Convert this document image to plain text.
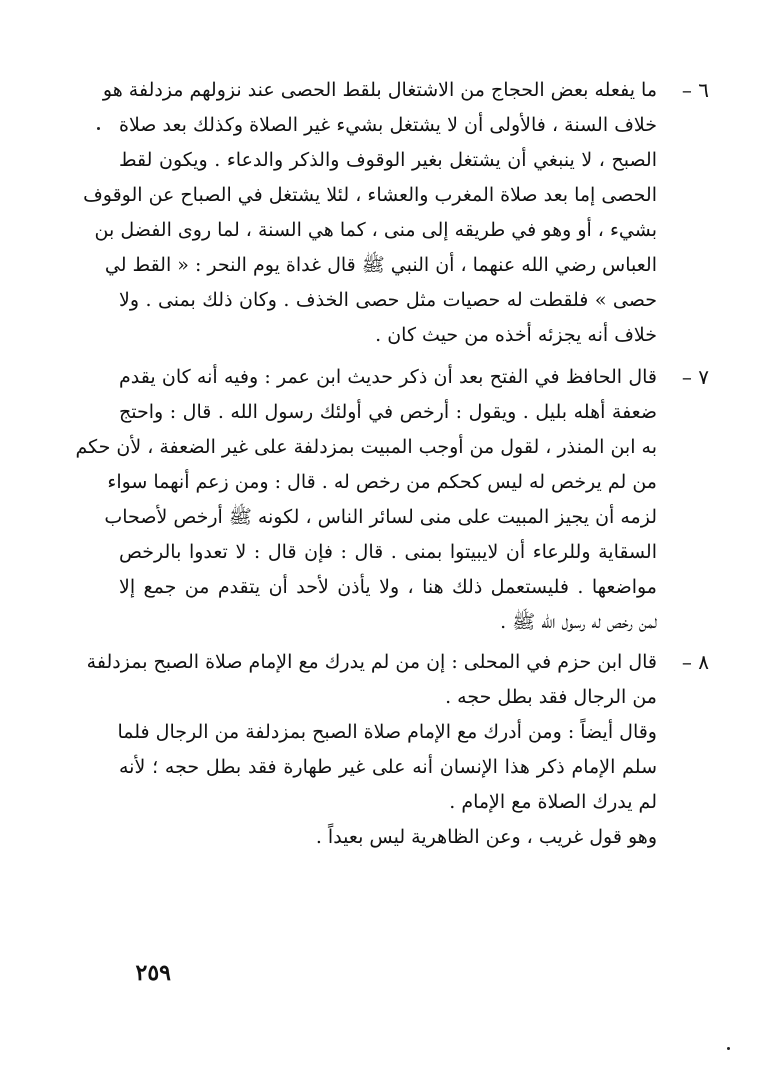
٦ –
ما يفعله بعض الحجاج من الاشتغال بلقط الحصى عند نزولهم مزدلفة هو
خلاف السنة ، فالأولى أن لا يشتغل بشيء غير الصلاة وكذلك بعد صلاة
الصبح ، لا ينبغي أن يشتغل بغير الوقوف والذكر والدعاء . ويكون لقط
الحصى إما بعد صلاة المغرب والعشاء ، لئلا يشتغل في الصباح عن الوقوف
بشيء ، أو وهو في طريقه إلى منى ، كما هي السنة ، لما روى الفضل بن
العباس رضي الله عنهما ، أن النبي ﷺ قال غداة يوم النحر : « القط لي
حصى » فلقطت له حصيات مثل حصى الخذف . وكان ذلك بمنى . ولا
خلاف أنه يجزئه أخذه من حيث كان .
٧ –
قال الحافظ في الفتح بعد أن ذكر حديث ابن عمر : وفيه أنه كان يقدم
ضعفة أهله بليل . ويقول : أرخص في أولئك رسول الله . قال : واحتج
به ابن المنذر ، لقول من أوجب المبيت بمزدلفة على غير الضعفة ، لأن حكم
من لم يرخص له ليس كحكم من رخص له . قال : ومن زعم أنهما سواء
لزمه أن يجيز المبيت على منى لسائر الناس ، لكونه ﷺ أرخص لأصحاب
السقاية وللرعاء أن لايبيتوا بمنى . قال : فإن قال : لا تعدوا بالرخص
مواضعها . فليستعمل ذلك هنا ، ولا يأذن لأحد أن يتقدم من جمع إلا
لمن رخص له رسول الله ﷺ .
٨ –
قال ابن حزم في المحلى : إن من لم يدرك مع الإمام صلاة الصبح بمزدلفة
من الرجال فقد بطل حجه .
وقال أيضاً : ومن أدرك مع الإمام صلاة الصبح بمزدلفة من الرجال فلما
سلم الإمام ذكر هذا الإنسان أنه على غير طهارة فقد بطل حجه ؛ لأنه
لم يدرك الصلاة مع الإمام .
وهو قول غريب ، وعن الظاهرية ليس بعيداً .
٢٥٩
